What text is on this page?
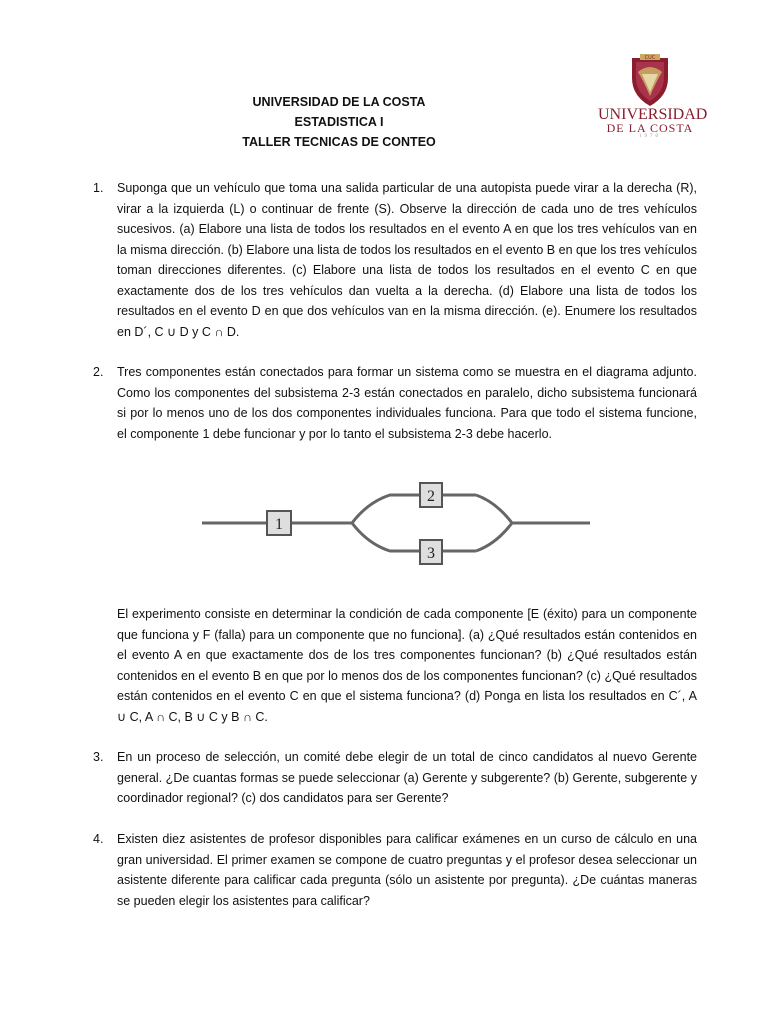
UNIVERSIDAD DE LA COSTA
ESTADISTICA I
TALLER TECNICAS DE CONTEO
CUC
UNIVERSIDAD
DE LA COSTA
1970
1. Suponga que un vehículo que toma una salida particular de una autopista puede virar a la derecha (R), virar a la izquierda (L) o continuar de frente (S). Observe la dirección de cada uno de tres vehículos sucesivos. (a) Elabore una lista de todos los resultados en el evento A en que los tres vehículos van en la misma dirección. (b) Elabore una lista de todos los resultados en el evento B en que los tres vehículos toman direcciones diferentes. (c) Elabore una lista de todos los resultados en el evento C en que exactamente dos de los tres vehículos dan vuelta a la derecha. (d) Elabore una lista de todos los resultados en el evento D en que dos vehículos van en la misma dirección. (e). Enumere los resultados en D´, C ∪ D y C ∩ D.
2. Tres componentes están conectados para formar un sistema como se muestra en el diagrama adjunto. Como los componentes del subsistema 2-3 están conectados en paralelo, dicho subsistema funcionará si por lo menos uno de los dos componentes individuales funciona. Para que todo el sistema funcione, el componente 1 debe funcionar y por lo tanto el subsistema 2-3 debe hacerlo.
1
2
3
El experimento consiste en determinar la condición de cada componente [E (éxito) para un componente que funciona y F (falla) para un componente que no funciona]. (a) ¿Qué resultados están contenidos en el evento A en que exactamente dos de los tres componentes funcionan? (b) ¿Qué resultados están contenidos en el evento B en que por lo menos dos de los componentes funcionan? (c) ¿Qué resultados están contenidos en el evento C en que el sistema funciona? (d) Ponga en lista los resultados en C´, A ∪ C, A ∩ C, B ∪ C y B ∩ C.
3. En un proceso de selección, un comité debe elegir de un total de cinco candidatos al nuevo Gerente general. ¿De cuantas formas se puede seleccionar (a) Gerente y subgerente? (b) Gerente, subgerente y coordinador regional? (c) dos candidatos para ser Gerente?
4. Existen diez asistentes de profesor disponibles para calificar exámenes en un curso de cálculo en una gran universidad. El primer examen se compone de cuatro preguntas y el profesor desea seleccionar un asistente diferente para calificar cada pregunta (sólo un asistente por pregunta). ¿De cuántas maneras se pueden elegir los asistentes para calificar?
